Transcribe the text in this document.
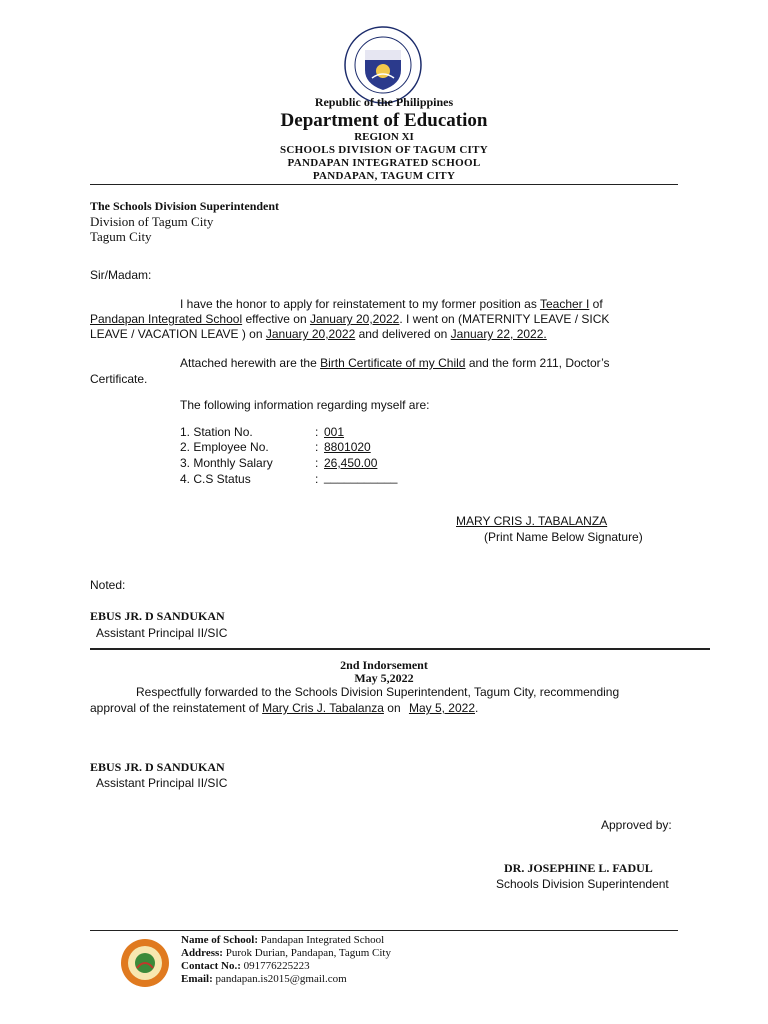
Republic of the Philippines
Department of Education
REGION XI
SCHOOLS DIVISION OF TAGUM CITY
PANDAPAN INTEGRATED SCHOOL
PANDAPAN, TAGUM CITY
The Schools Division Superintendent
Division of Tagum City
Tagum City
Sir/Madam:
I have the honor to apply for reinstatement to my former position as Teacher I of
Pandapan Integrated School effective on January 20,2022. I went on (MATERNITY LEAVE / SICK
LEAVE / VACATION LEAVE ) on January 20,2022 and delivered on January 22, 2022.
Attached herewith are the Birth Certificate of my Child and the form 211, Doctor’s
Certificate.
The following information regarding myself are:
1. Station No.	: 001
2. Employee No.	: 8801020
3. Monthly Salary	: 26,450.00
4. C.S Status	: ___________
MARY CRIS J. TABALANZA
(Print Name Below Signature)
Noted:
EBUS JR. D SANDUKAN
Assistant Principal II/SIC
2nd Indorsement
May 5,2022
Respectfully forwarded to the Schools Division Superintendent, Tagum City, recommending
approval of the reinstatement of Mary Cris J. Tabalanza on May 5, 2022.
EBUS JR. D SANDUKAN
Assistant Principal II/SIC
Approved by:
DR. JOSEPHINE L. FADUL
Schools Division Superintendent
Name of School: Pandapan Integrated School
Address: Purok Durian, Pandapan, Tagum City
Contact No.: 091776225223
Email: pandapan.is2015@gmail.com
